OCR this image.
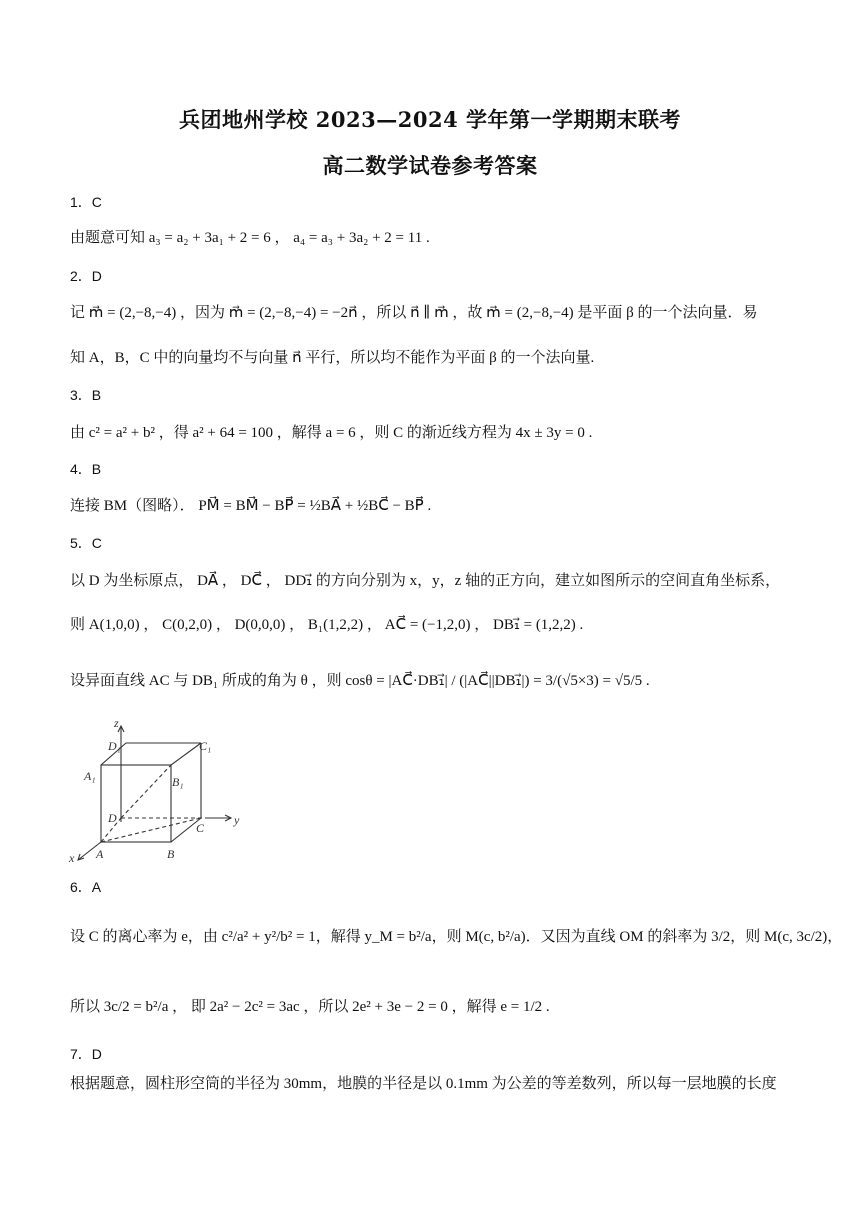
兵团地州学校 2023—2024 学年第一学期期末联考
高二数学试卷参考答案
1．C
由题意可知 a₃ = a₂ + 3a₁ + 2 = 6 ， a₄ = a₃ + 3a₂ + 2 = 11 .
2．D
记 m⃗ = (2,−8,−4) ，因为 m⃗ = (2,−8,−4) = −2n⃗ ，所以 n⃗ ∥ m⃗ ，故 m⃗ = (2,−8,−4) 是平面 β 的一个法向量．易
知 A，B，C 中的向量均不与向量 n⃗ 平行，所以均不能作为平面 β 的一个法向量.
3．B
由 c² = a² + b² ，得 a² + 64 = 100 ，解得 a = 6 ，则 C 的渐近线方程为 4x ± 3y = 0 .
4．B
连接 BM（图略）． PM⃗ = BM⃗ − BP⃗ = ½BA⃗ + ½BC⃗ − BP⃗ .
5．C
以 D 为坐标原点， DA⃗ ， DC⃗ ， DD₁⃗ 的方向分别为 x，y，z 轴的正方向，建立如图所示的空间直角坐标系，
则 A(1,0,0) ， C(0,2,0) ， D(0,0,0) ， B₁(1,2,2) ， AC⃗ = (−1,2,0) ， DB₁⃗ = (1,2,2) .
设异面直线 AC 与 DB₁ 所成的角为 θ ，则 cosθ = |AC⃗·DB₁⃗| / (|AC⃗||DB₁⃗|) = 3/(√5×3) = √5/5 .
z
D₁	C₁
A₁	B₁
D
C
y
x A	B
6．A
设 C 的离心率为 e，由 c²/a² + y²/b² = 1，解得 y_M = b²/a，则 M(c, b²/a)．又因为直线 OM 的斜率为 3/2，则 M(c, 3c/2)，
所以 3c/2 = b²/a ， 即 2a² − 2c² = 3ac ，所以 2e² + 3e − 2 = 0 ，解得 e = 1/2 .
7．D
根据题意，圆柱形空筒的半径为 30mm，地膜的半径是以 0.1mm 为公差的等差数列，所以每一层地膜的长度
